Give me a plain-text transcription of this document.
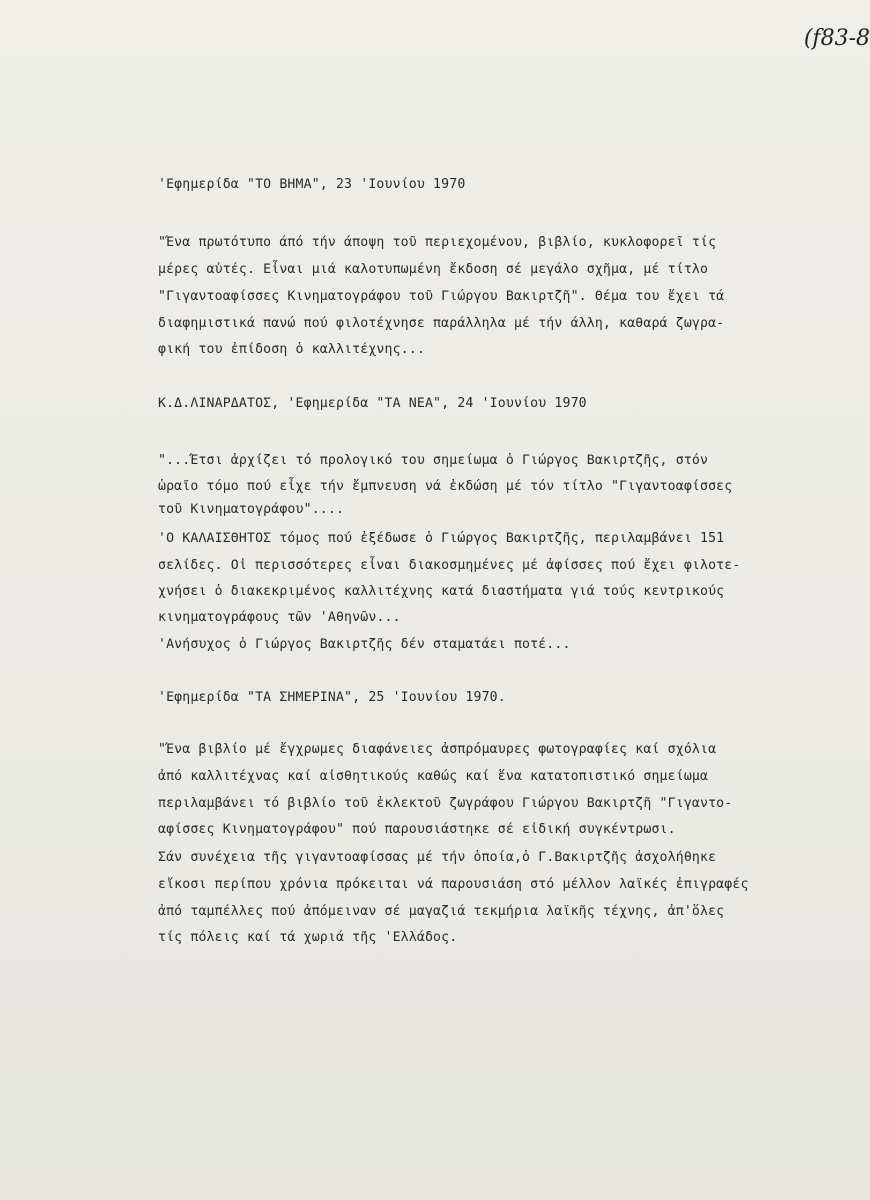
(f83-8
'Εφημερίδα "ΤΟ ΒΗΜΑ", 23 'Ιουνίου 1970
"Ένα πρωτότυπο άπό τήν άποψη τοῦ περιεχομένου, βιβλίο, κυκλοφορεῖ τίς
μέρες αὐτές. Εἶναι μιά καλοτυπωμένη ἔκδοση σέ μεγάλο σχῆμα, μέ τίτλο
"Γιγαντοαφίσσες Κινηματογράφου τοῦ Γιώργου Βακιρτζῆ". Θέμα του ἔχει τά
διαφημιστικά πανώ πού φιλοτέχνησε παράλληλα μέ τήν άλλη, καθαρά ζωγρα-
φική του ἐπίδοση ὁ καλλιτέχνης...
Κ.Δ.ΛΙΝΑΡΔΑΤΟΣ, 'Εφημερίδα "ΤΑ ΝΕΑ", 24 'Ιουνίου 1970
"...Έτσι ἀρχίζει τό προλογικό του σημείωμα ὁ Γιώργος Βακιρτζῆς, στόν
ὡραῖο τόμο πού εἶχε τήν ἔμπνευση νά ἐκδώση μέ τόν τίτλο "Γιγαντοαφίσσες
τοῦ Κινηματογράφου"....
'Ο ΚΑΛΑΙΣΘΗΤΟΣ τόμος πού ἐξέδωσε ὁ Γιώργος Βακιρτζῆς, περιλαμβάνει 151
σελίδες. Οἱ περισσότερες εἶναι διακοσμημένες μέ ἀφίσσες πού ἔχει φιλοτε-
χνήσει ὁ διακεκριμένος καλλιτέχνης κατά διαστήματα γιά τούς κεντρικούς
κινηματογράφους τῶν 'Αθηνῶν...
'Ανήσυχος ὁ Γιώργος Βακιρτζῆς δέν σταματάει ποτέ...
'Εφημερίδα "ΤΑ ΣΗΜΕΡΙΝΑ", 25 'Ιουνίου 1970.
"Ένα βιβλίο μέ ἔγχρωμες διαφάνειες ἀσπρόμαυρες φωτογραφίες καί σχόλια
ἀπό καλλιτέχνας καί αἰσθητικούς καθώς καί ἕνα κατατοπιστικό σημείωμα
περιλαμβάνει τό βιβλίο τοῦ ἐκλεκτοῦ ζωγράφου Γιώργου Βακιρτζῆ "Γιγαντο-
αφίσσες Κινηματογράφου" πού παρουσιάστηκε σέ εἰδική συγκέντρωσι.
Σάν συνέχεια τῆς γιγαντοαφίσσας μέ τήν ὁποία,ὁ Γ.Βακιρτζῆς ἀσχολήθηκε
εἴκοσι περίπου χρόνια πρόκειται νά παρουσιάση στό μέλλον λαϊκές ἐπιγραφές
ἀπό ταμπέλλες πού ἀπόμειναν σέ μαγαζιά τεκμήρια λαϊκῆς τέχνης, ἀπ'ὅλες
τίς πόλεις καί τά χωριά τῆς 'Ελλάδος.
